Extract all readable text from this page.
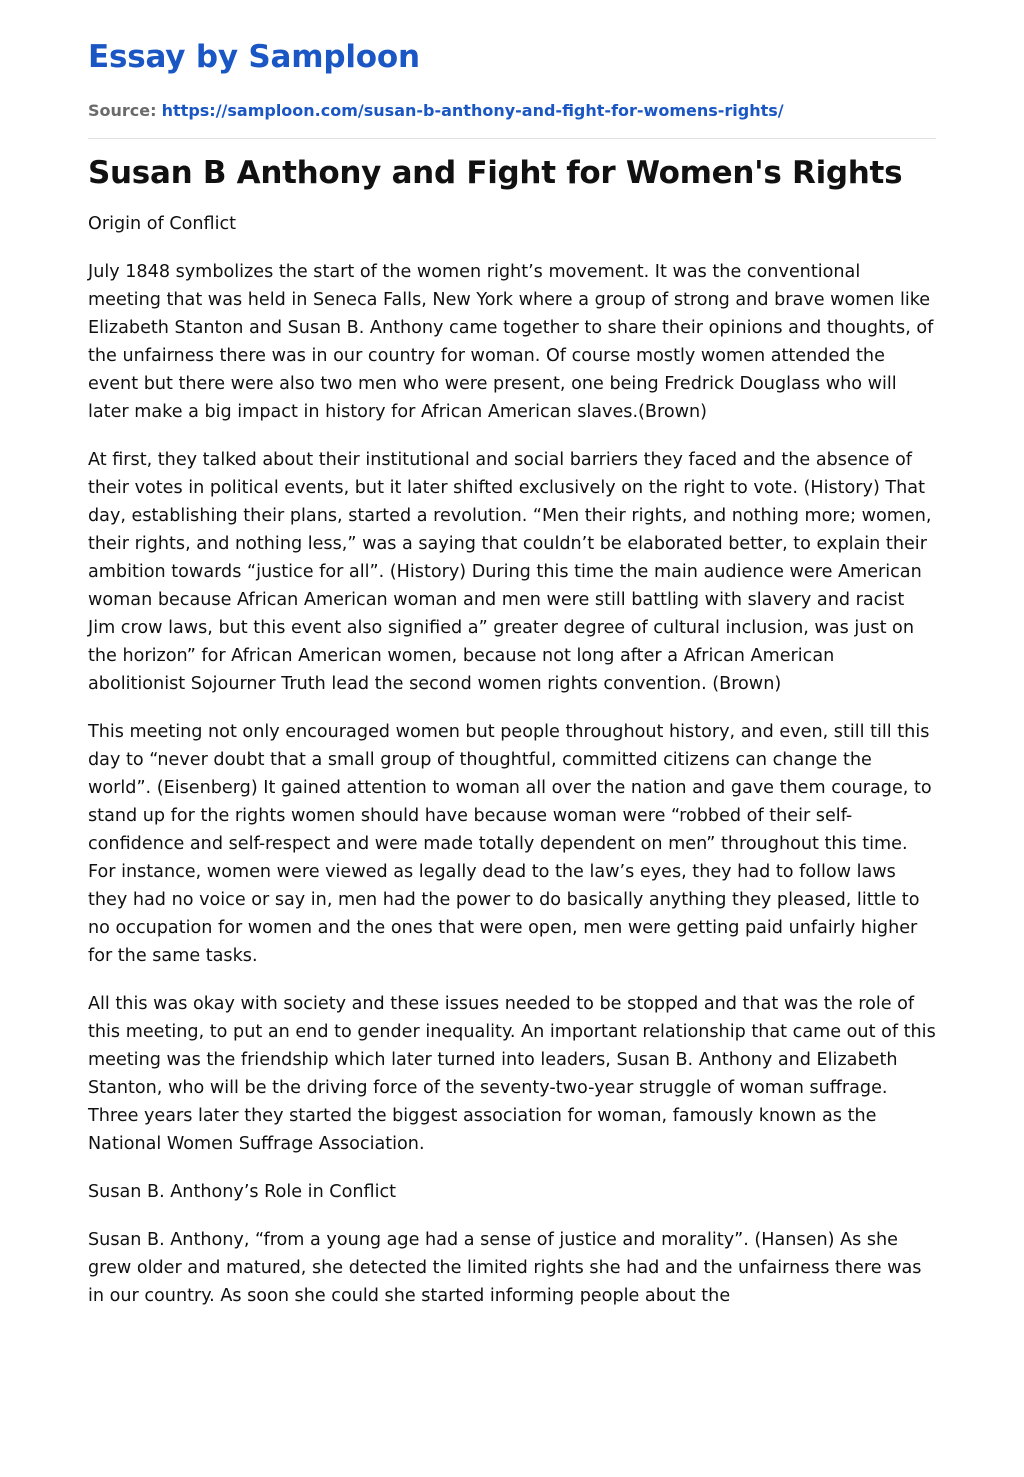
Essay by Samploon
Source: https://samploon.com/susan-b-anthony-and-fight-for-womens-rights/
Susan B Anthony and Fight for Women's Rights

Origin of Conflict

July 1848 symbolizes the start of the women right’s movement. It was the conventional meeting that was held in Seneca Falls, New York where a group of strong and brave women like Elizabeth Stanton and Susan B. Anthony came together to share their opinions and thoughts, of the unfairness there was in our country for woman. Of course mostly women attended the event but there were also two men who were present, one being Fredrick Douglass who will later make a big impact in history for African American slaves.(Brown)

At first, they talked about their institutional and social barriers they faced and the absence of their votes in political events, but it later shifted exclusively on the right to vote. (History) That day, establishing their plans, started a revolution. “Men their rights, and nothing more; women, their rights, and nothing less,” was a saying that couldn’t be elaborated better, to explain their ambition towards “justice for all”. (History) During this time the main audience were American woman because African American woman and men were still battling with slavery and racist Jim crow laws, but this event also signified a” greater degree of cultural inclusion, was just on the horizon” for African American women, because not long after a African American abolitionist Sojourner Truth lead the second women rights convention. (Brown)

This meeting not only encouraged women but people throughout history, and even, still till this day to “never doubt that a small group of thoughtful, committed citizens can change the world”. (Eisenberg) It gained attention to woman all over the nation and gave them courage, to stand up for the rights women should have because woman were “robbed of their self-confidence and self-respect and were made totally dependent on men” throughout this time. For instance, women were viewed as legally dead to the law’s eyes, they had to follow laws they had no voice or say in, men had the power to do basically anything they pleased, little to no occupation for women and the ones that were open, men were getting paid unfairly higher for the same tasks.

All this was okay with society and these issues needed to be stopped and that was the role of this meeting, to put an end to gender inequality. An important relationship that came out of this meeting was the friendship which later turned into leaders, Susan B. Anthony and Elizabeth Stanton, who will be the driving force of the seventy-two-year struggle of woman suffrage. Three years later they started the biggest association for woman, famously known as the National Women Suffrage Association.

Susan B. Anthony’s Role in Conflict

Susan B. Anthony, “from a young age had a sense of justice and morality”. (Hansen) As she grew older and matured, she detected the limited rights she had and the unfairness there was in our country. As soon she could she started informing people about the
